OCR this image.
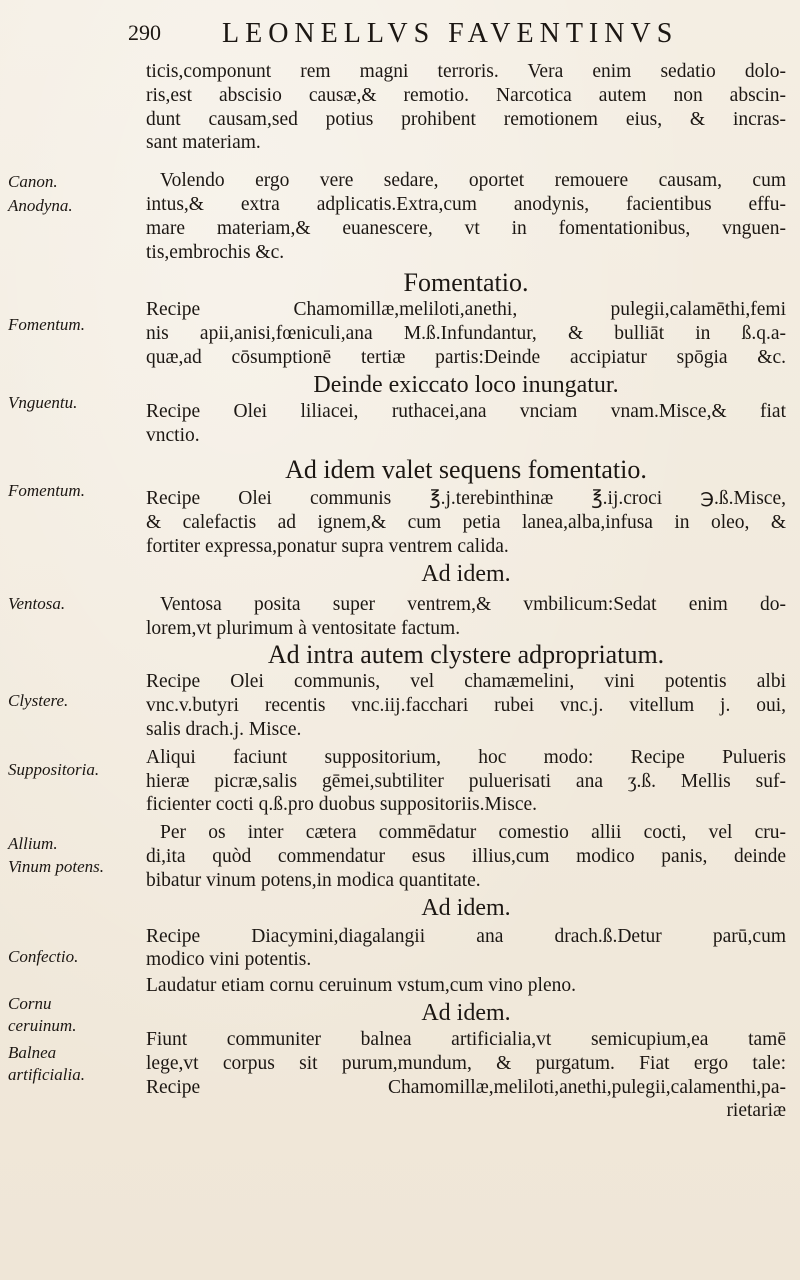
290 LEONELLVS FAVENTINVS
Canon.
Anodyna.
Fomentum.
Vnguentu.
Fomentum.
Ventosa.
Clystere.
Suppositoria.
Allium.
Vinum potens.
Confectio.
Cornu ceruinum.
Balnea artificialia.
ticis,componunt rem magni terroris. Vera enim sedatio dolo-
ris,est abscisio causæ,& remotio. Narcotica autem non abscin-
dunt causam,sed potius prohibent remotionem eius, & incras-
sant materiam.
Volendo ergo vere sedare, oportet remouere causam, cum
intus,& extra adplicatis.Extra,cum anodynis, facientibus effu-
mare materiam,& euanescere, vt in fomentationibus, vnguen-
tis,embrochis &c.
Fomentatio.
Recipe Chamomillæ,meliloti,anethi, pulegii,calamēthi,femi
nis apii,anisi,fœniculi,ana M.ß.Infundantur, & bulliāt in ß.q.a-
quæ,ad cōsumptionē tertiæ partis:Deinde accipiatur spōgia &c.
Deinde exiccato loco inungatur.
Recipe Olei liliacei, ruthacei,ana vnciam vnam.Misce,& fiat
vnctio.
Ad idem valet sequens fomentatio.
Recipe Olei communis ℥.j.terebinthinæ ℥.ij.croci ℈.ß.Misce,
& calefactis ad ignem,& cum petia lanea,alba,infusa in oleo, &
fortiter expressa,ponatur supra ventrem calida.
Ad idem.
Ventosa posita super ventrem,& vmbilicum:Sedat enim do-
lorem,vt plurimum à ventositate factum.
Ad intra autem clystere adpropriatum.
Recipe Olei communis, vel chamæmelini, vini potentis albi
vnc.v.butyri recentis vnc.iij.facchari rubei vnc.j. vitellum j. oui,
salis drach.j. Misce.
Aliqui faciunt suppositorium, hoc modo: Recipe Pulueris
hieræ picræ,salis gēmei,subtiliter puluerisati ana ʒ.ß. Mellis suf-
ficienter cocti q.ß.pro duobus suppositoriis.Misce.
Per os inter cætera commēdatur comestio allii cocti, vel cru-
di,ita quòd commendatur esus illius,cum modico panis, deinde
bibatur vinum potens,in modica quantitate.
Ad idem.
Recipe Diacymini,diagalangii ana drach.ß.Detur parū,cum
modico vini potentis.
Laudatur etiam cornu ceruinum vstum,cum vino pleno.
Ad idem.
Fiunt communiter balnea artificialia,vt semicupium,ea tamē
lege,vt corpus sit purum,mundum, & purgatum. Fiat ergo tale:
Recipe Chamomillæ,meliloti,anethi,pulegii,calamenthi,pa-
rietariæ
